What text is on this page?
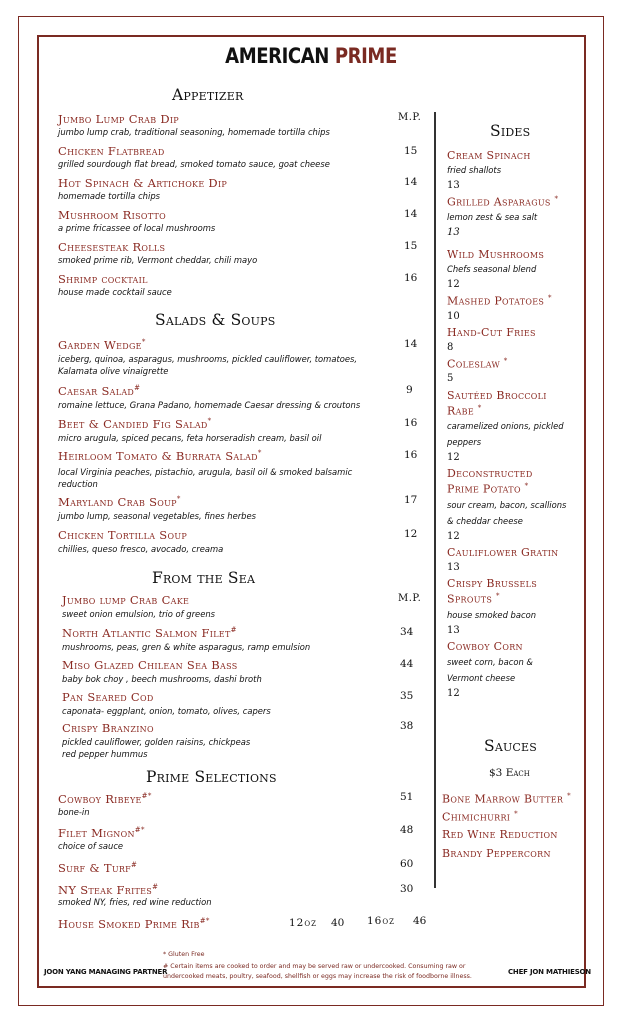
AMERICAN PRIME
Appetizer
M.P.
Jumbo Lump Crab Dip
jumbo lump crab, traditional seasoning, homemade tortilla chips
Chicken Flatbread
grilled sourdough flat bread, smoked tomato sauce, goat cheese
15
Hot Spinach & Artichoke Dip
homemade tortilla chips
14
Mushroom Risotto
a prime fricassee of local mushrooms
14
Cheesesteak Rolls
smoked prime rib, Vermont cheddar, chili mayo
15
Shrimp cocktail
house made cocktail sauce
16
Salads & Soups
Garden Wedge*
iceberg, quinoa, asparagus, mushrooms, pickled cauliflower, tomatoes, Kalamata olive vinaigrette
14
Caesar Salad#
romaine lettuce, Grana Padano, homemade Caesar dressing & croutons
9
Beet & Candied Fig Salad*
micro arugula, spiced pecans, feta horseradish cream, basil oil
16
Heirloom Tomato & Burrata Salad*
local Virginia peaches, pistachio, arugula, basil oil & smoked balsamic reduction
16
Maryland Crab Soup*
jumbo lump, seasonal vegetables, fines herbes
17
Chicken Tortilla Soup
chillies, queso fresco, avocado, creama
12
From the Sea
M.P.
Jumbo lump Crab Cake
sweet onion emulsion, trio of greens
North Atlantic Salmon Filet#
mushrooms, peas, gren & white asparagus, ramp emulsion
34
Miso Glazed Chilean Sea Bass
baby bok choy , beech mushrooms, dashi broth
44
Pan Seared Cod
caponata- eggplant, onion, tomato, olives, capers
35
Crispy Branzino
pickled cauliflower, golden raisins, chickpeas red pepper hummus
38
Prime Selections
Cowboy Ribeye#*
bone-in
51
Filet Mignon#*
choice of sauce
48
Surf & Turf#	60
NY Steak Frites#
smoked NY, fries, red wine reduction
30
House Smoked Prime Rib#*	12oz 40 16oz 46
Sides
Cream Spinach
fried shallots
13
Grilled Asparagus *
lemon zest & sea salt
13
Wild Mushrooms
Chefs seasonal blend
12
Mashed Potatoes *
10
Hand-Cut Fries
8
Coleslaw *
5
Sautéed Broccoli
Rabe *
caramelized onions, pickled
peppers
12
Deconstructed
Prime Potato *
sour cream, bacon, scallions
& cheddar cheese
12
Cauliflower Gratin
13
Crispy Brussels
Sprouts *
house smoked bacon
13
Cowboy Corn
sweet corn, bacon &
Vermont cheese
12
Sauces
$3 Each
Bone Marrow Butter *
Chimichurri *
Red Wine Reduction
Brandy Peppercorn
JOON YANG MANAGING PARTNER	CHEF JON MATHIESON
* Gluten Free
# Certain items are cooked to order and may be served raw or undercooked. Consuming raw or undercooked meats, poultry, seafood, shellfish or eggs may increase the risk of foodborne illness.
